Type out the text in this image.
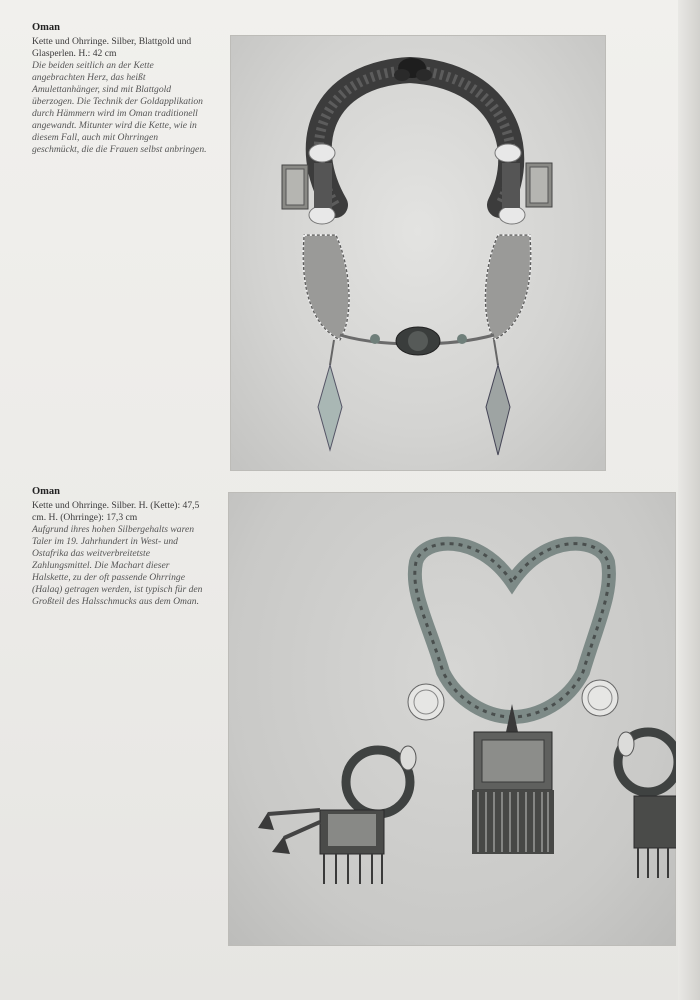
Oman
Kette und Ohrringe. Silber, Blattgold und Glasperlen. H.: 42 cm
Die beiden seitlich an der Kette angebrachten Herz, das heißt Amulettanhänger, sind mit Blattgold überzogen. Die Technik der Goldapplikation durch Hämmern wird im Oman traditionell angewandt. Mitunter wird die Kette, wie in diesem Fall, auch mit Ohrringen geschmückt, die die Frauen selbst anbringen.
Oman
Kette und Ohrringe. Silber. H. (Kette): 47,5 cm. H. (Ohrringe): 17,3 cm
Aufgrund ihres hohen Silbergehalts waren Taler im 19. Jahrhundert in West- und Ostafrika das weitverbreitetste Zahlungsmittel. Die Machart dieser Halskette, zu der oft passende Ohrringe (Halaq) getragen werden, ist typisch für den Großteil des Halsschmucks aus dem Oman.
